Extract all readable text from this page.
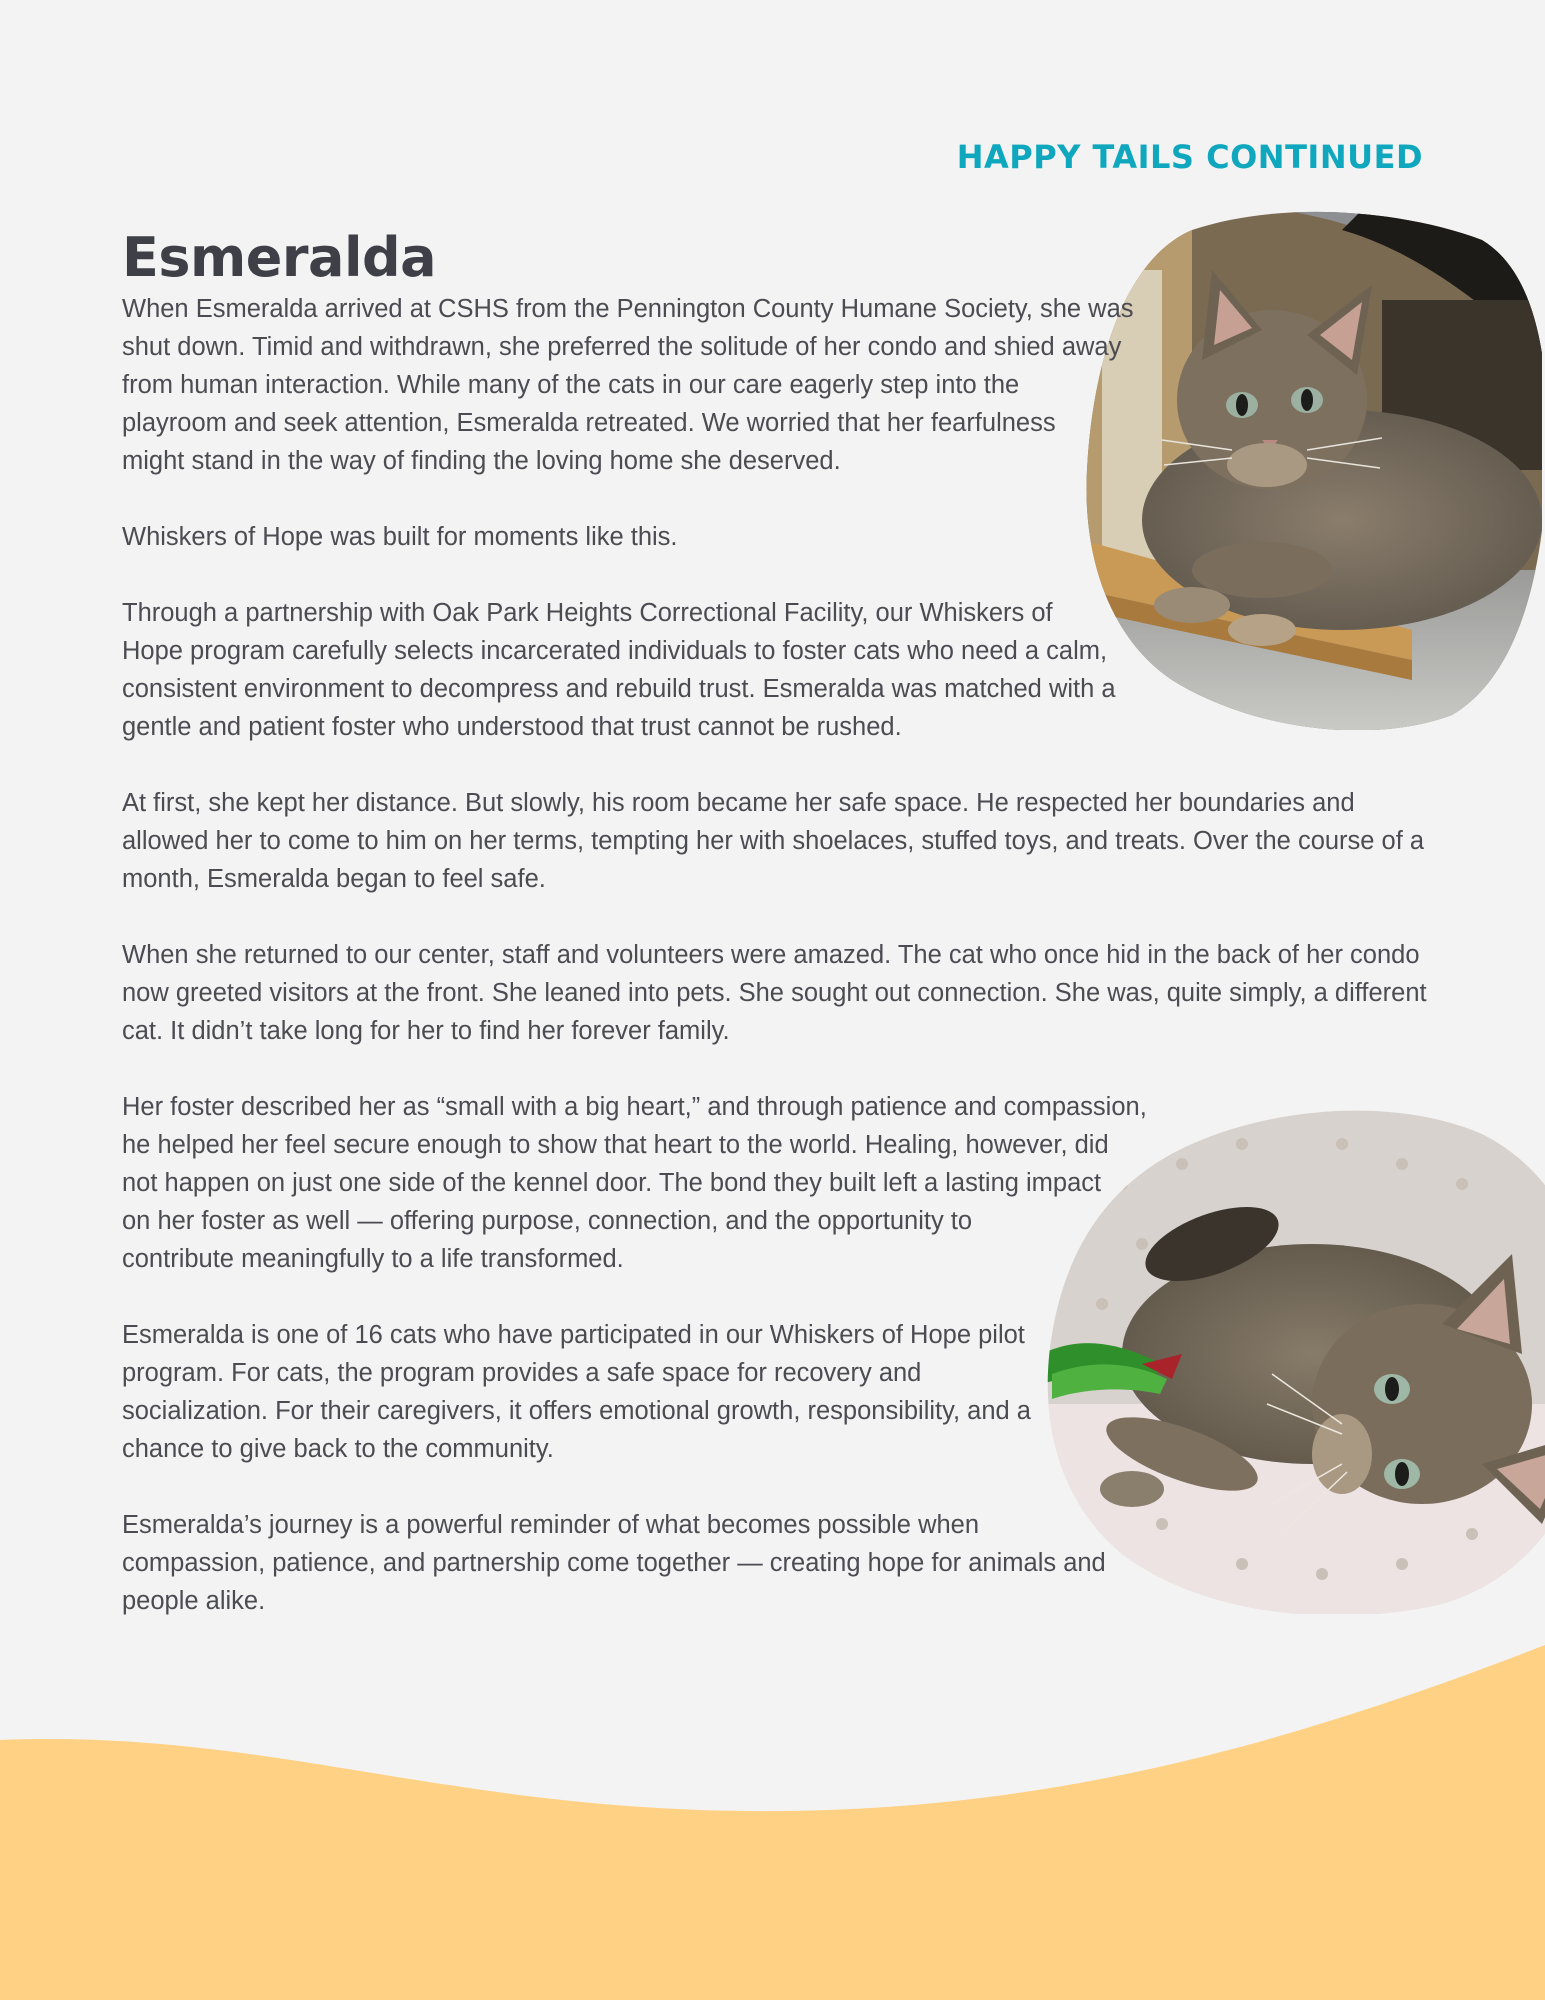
HAPPY TAILS CONTINUED
Esmeralda

When Esmeralda arrived at CSHS from the Pennington County Humane Society, she was shut down. Timid and withdrawn, she preferred the solitude of her condo and shied away from human interaction. While many of the cats in our care eagerly step into the playroom and seek attention, Esmeralda retreated. We worried that her fearfulness might stand in the way of finding the loving home she deserved.

Whiskers of Hope was built for moments like this.

Through a partnership with Oak Park Heights Correctional Facility, our Whiskers of Hope program carefully selects incarcerated individuals to foster cats who need a calm, consistent environment to decompress and rebuild trust. Esmeralda was matched with a gentle and patient foster who understood that trust cannot be rushed.

At first, she kept her distance. But slowly, his room became her safe space. He respected her boundaries and allowed her to come to him on her terms, tempting her with shoelaces, stuffed toys, and treats. Over the course of a month, Esmeralda began to feel safe.

When she returned to our center, staff and volunteers were amazed. The cat who once hid in the back of her condo now greeted visitors at the front. She leaned into pets. She sought out connection. She was, quite simply, a different cat. It didn’t take long for her to find her forever family.

Her foster described her as “small with a big heart,” and through patience and compassion, he helped her feel secure enough to show that heart to the world. Healing, however, did not happen on just one side of the kennel door. The bond they built left a lasting impact on her foster as well — offering purpose, connection, and the opportunity to contribute meaningfully to a life transformed.

Esmeralda is one of 16 cats who have participated in our Whiskers of Hope pilot program. For cats, the program provides a safe space for recovery and socialization. For their caregivers, it offers emotional growth, responsibility, and a chance to give back to the community.

Esmeralda’s journey is a powerful reminder of what becomes possible when compassion, patience, and partnership come together — creating hope for animals and people alike.
